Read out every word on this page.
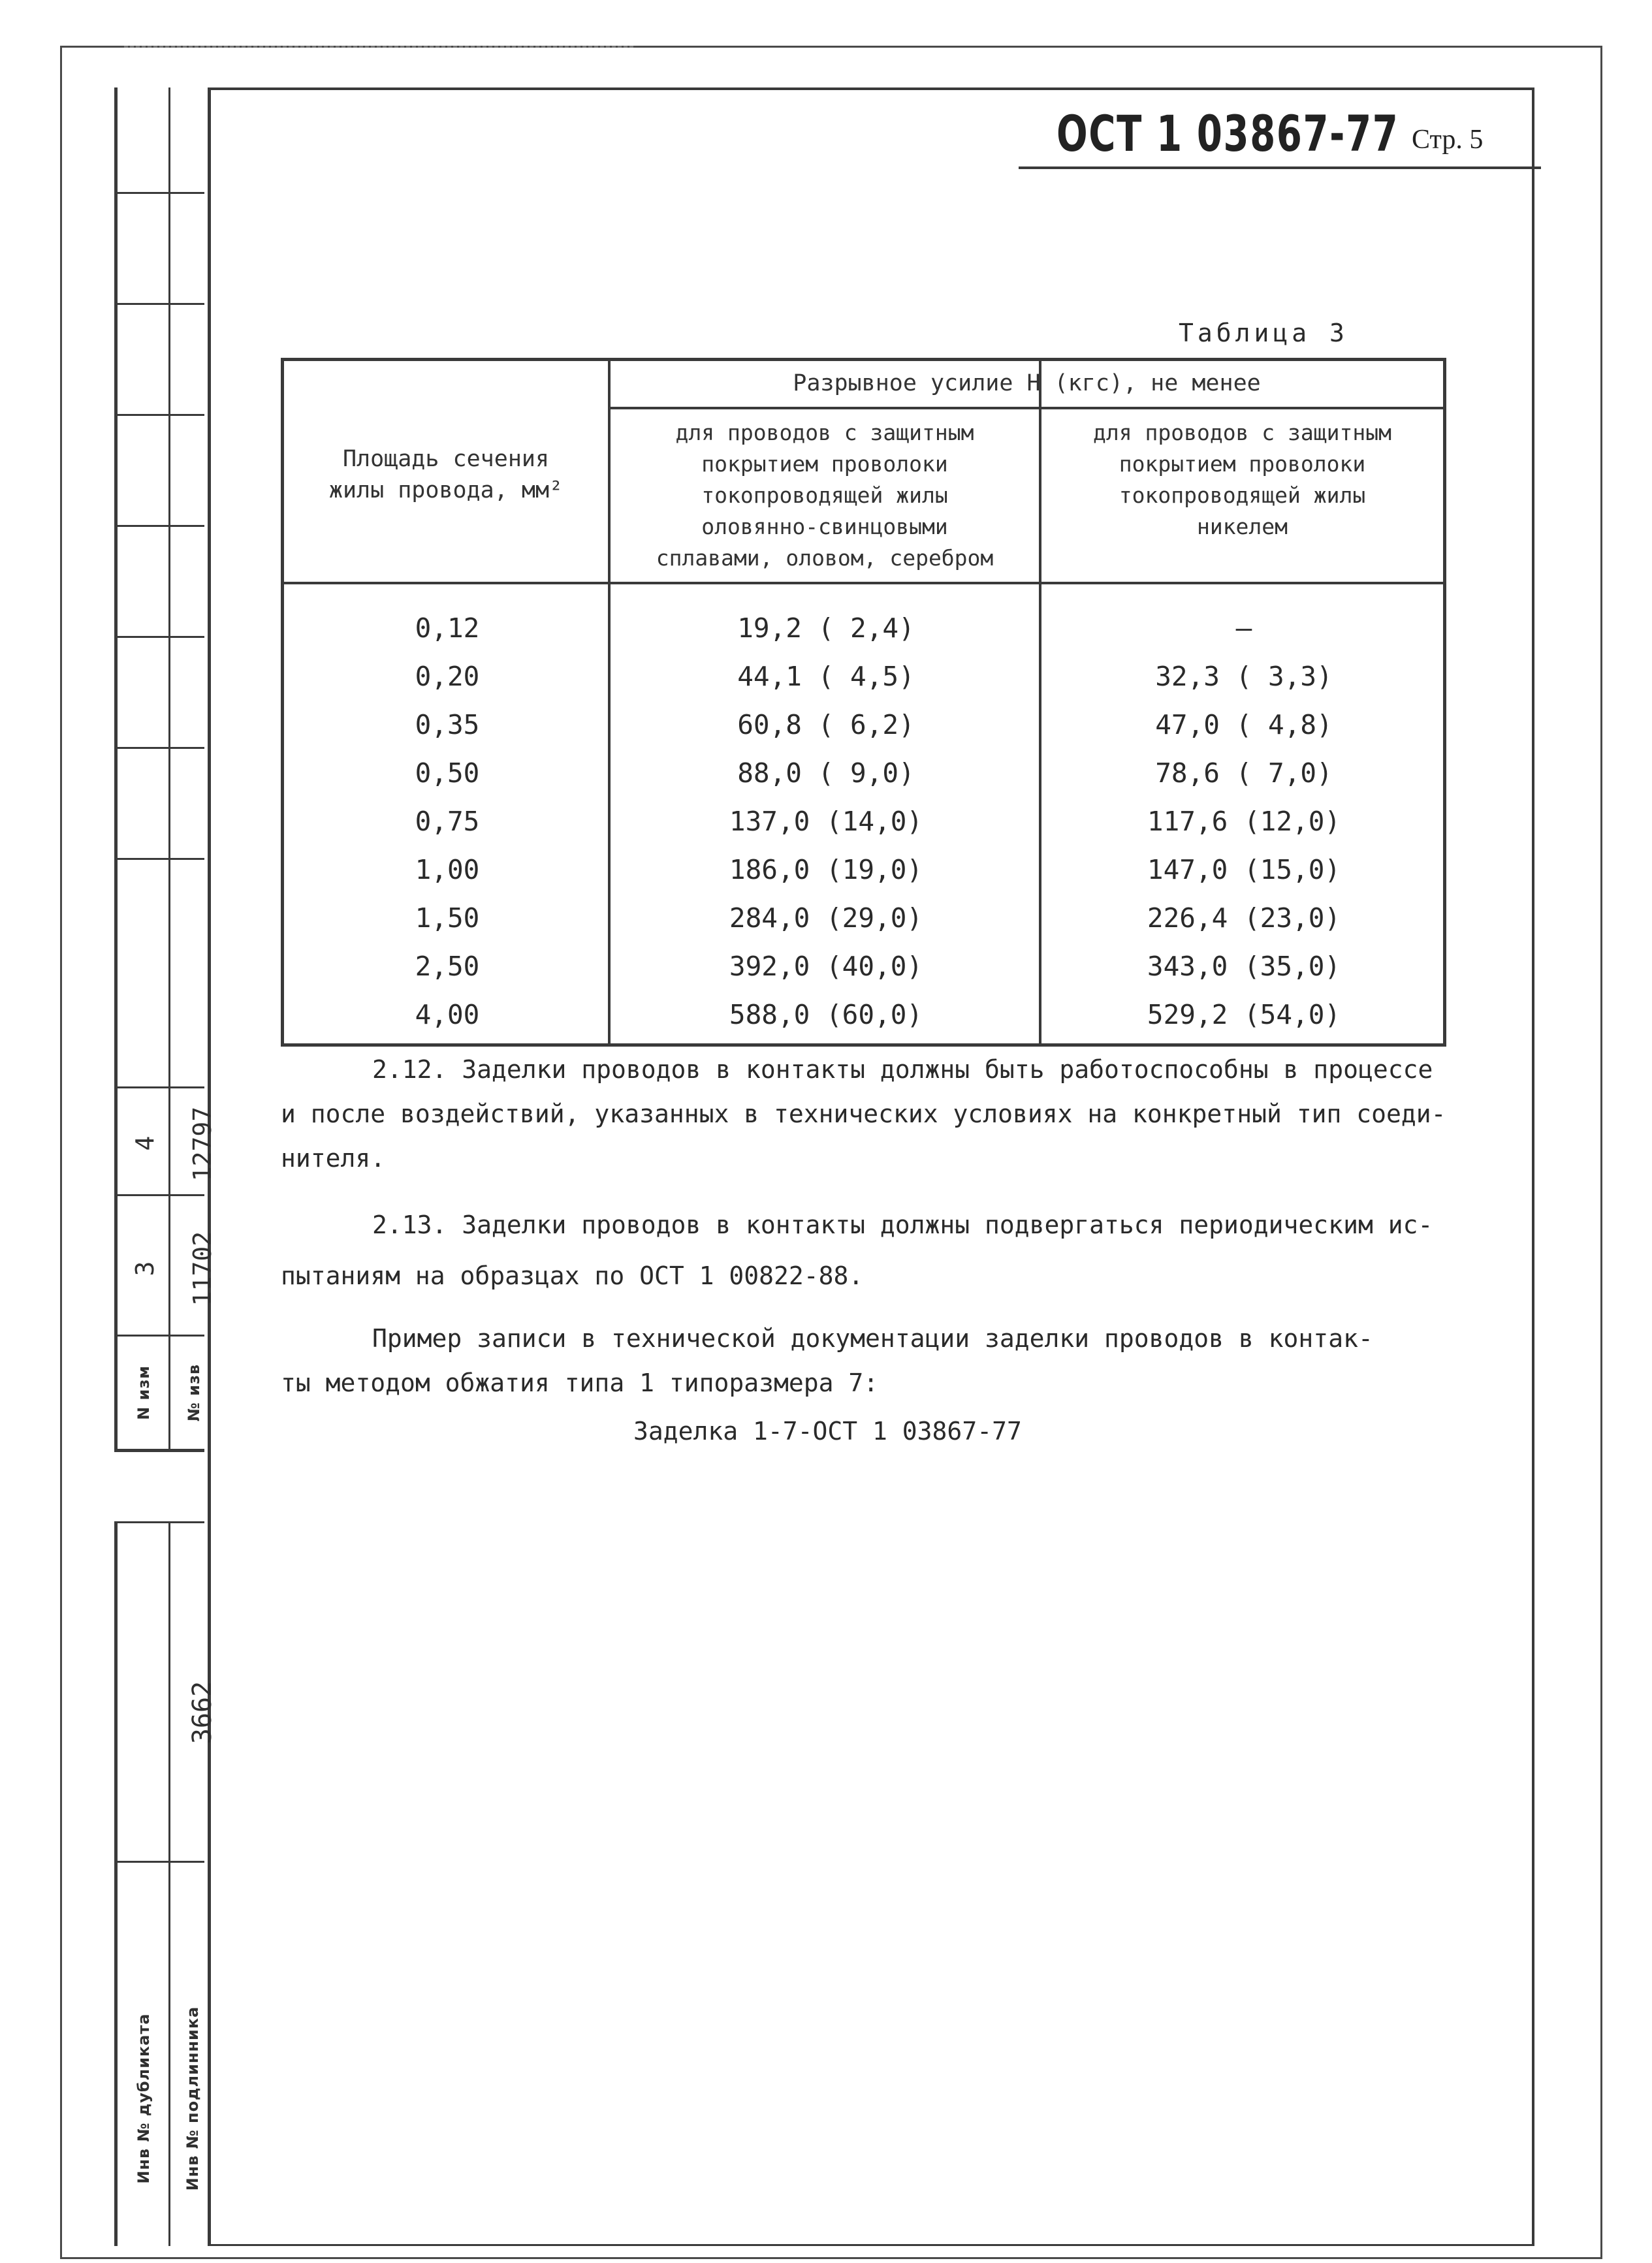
4 12797
3 11702
N изм № изв
3662
Инв № дубликата Инв № подлинника
ОСТ 1 03867-77 Стр. 5
Таблица 3
Площадь сечения
жилы провода, мм²
Разрывное усилие Н (кгс), не менее
для проводов с защитным
покрытием проволоки
токопроводящей жилы
оловянно-свинцовыми
сплавами, оловом, серебром
для проводов с защитным
покрытием проволоки
токопроводящей жилы
никелем
0,12	19,2 ( 2,4)	–
0,20	44,1 ( 4,5)	32,3 ( 3,3)
0,35	60,8 ( 6,2)	47,0 ( 4,8)
0,50	88,0 ( 9,0)	78,6 ( 7,0)
0,75	137,0 (14,0)	117,6 (12,0)
1,00	186,0 (19,0)	147,0 (15,0)
1,50	284,0 (29,0)	226,4 (23,0)
2,50	392,0 (40,0)	343,0 (35,0)
4,00	588,0 (60,0)	529,2 (54,0)
2.12. Заделки проводов в контакты должны быть работоспособны в процессе
и после воздействий, указанных в технических условиях на конкретный тип соеди-
нителя.
2.13. Заделки проводов в контакты должны подвергаться периодическим ис-
пытаниям на образцах по ОСТ 1 00822-88.
Пример записи в технической документации заделки проводов в контак-
ты методом обжатия типа 1 типоразмера 7:
Заделка 1-7-ОСТ 1 03867-77
